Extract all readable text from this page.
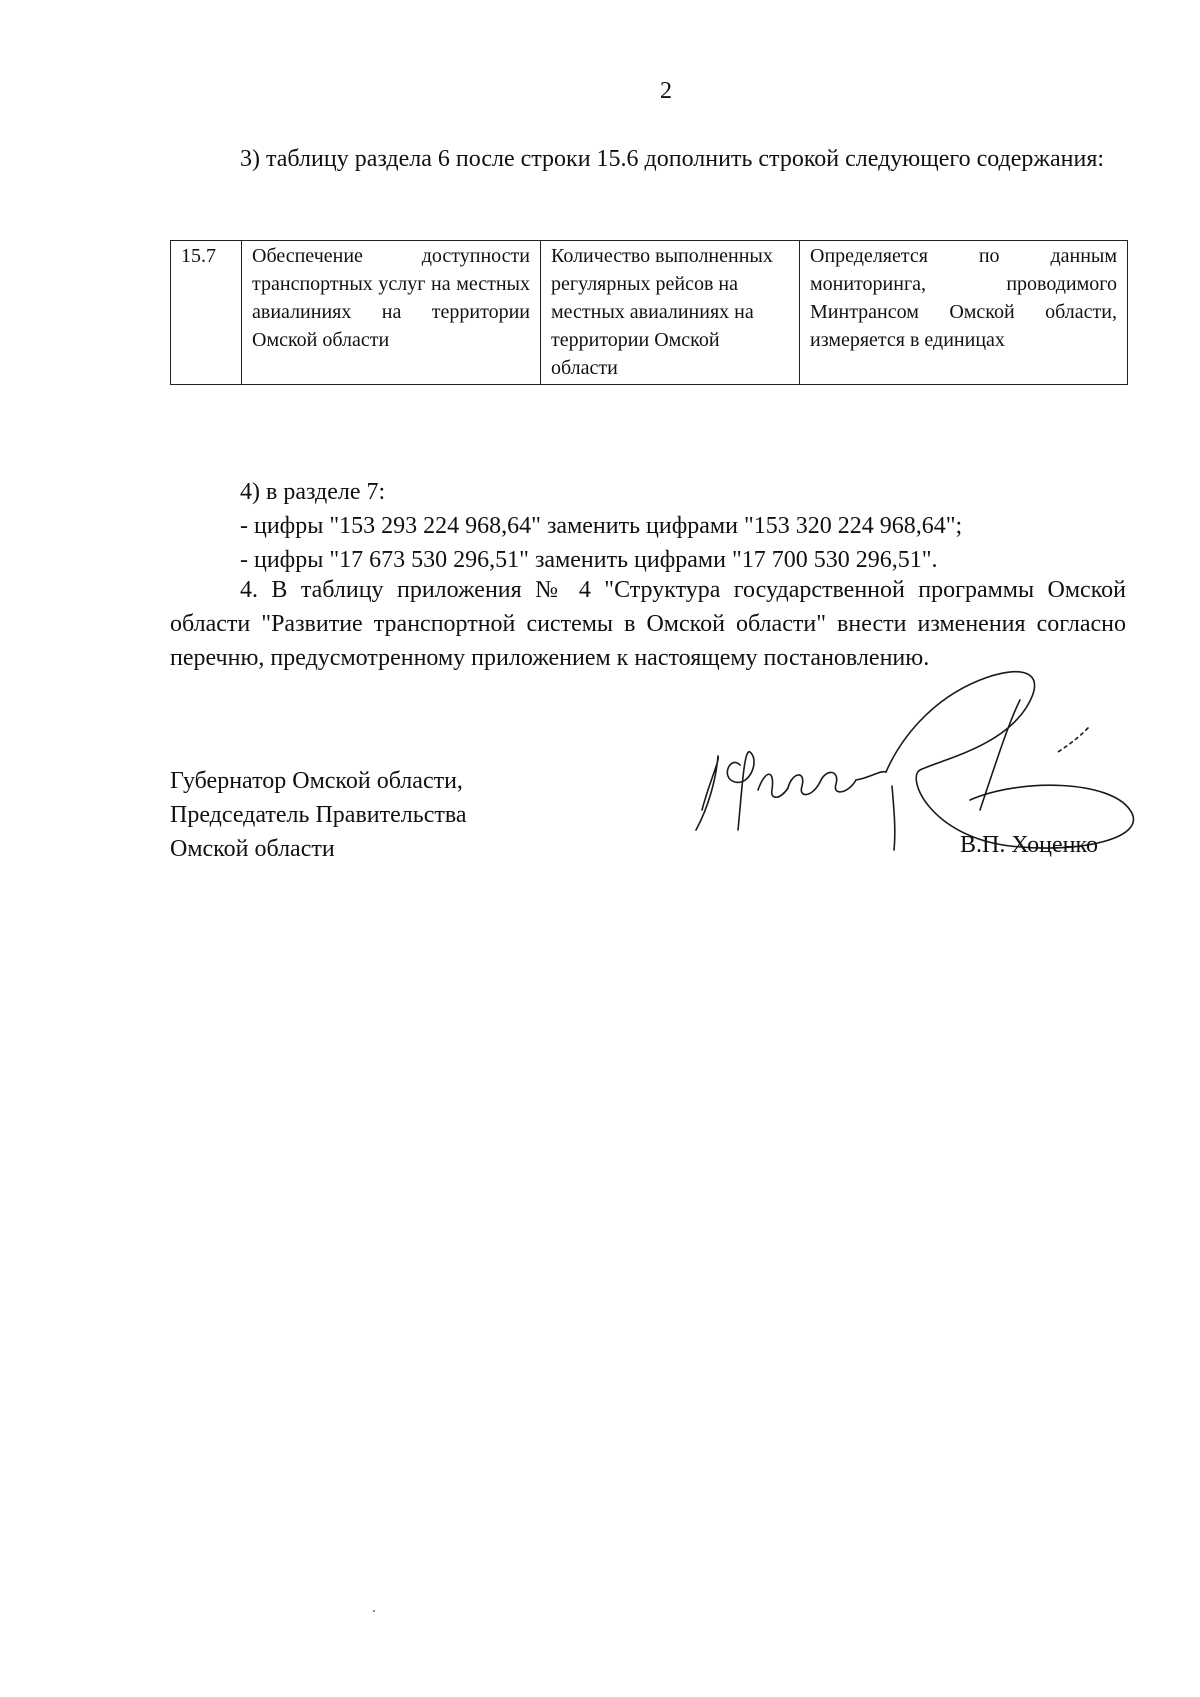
2
3) таблицу раздела 6 после строки 15.6 дополнить строкой следующего содержания:
15.7	Обеспечение доступности транспортных услуг на местных авиалиниях на территории Омской области	Количество выполненных регулярных рейсов на местных авиалиниях на территории Омской области	Определяется по данным мониторинга, проводимого Минтрансом Омской области, измеряется в единицах
4) в разделе 7:
- цифры "153 293 224 968,64" заменить цифрами "153 320 224 968,64";
- цифры "17 673 530 296,51" заменить цифрами "17 700 530 296,51".
4. В таблицу приложения № 4 "Структура государственной программы Омской области "Развитие транспортной системы в Омской области" внести изменения согласно перечню, предусмотренному приложением к настоящему постановлению.
Губернатор Омской области,
Председатель Правительства
Омской области	В.П. Хоценко
